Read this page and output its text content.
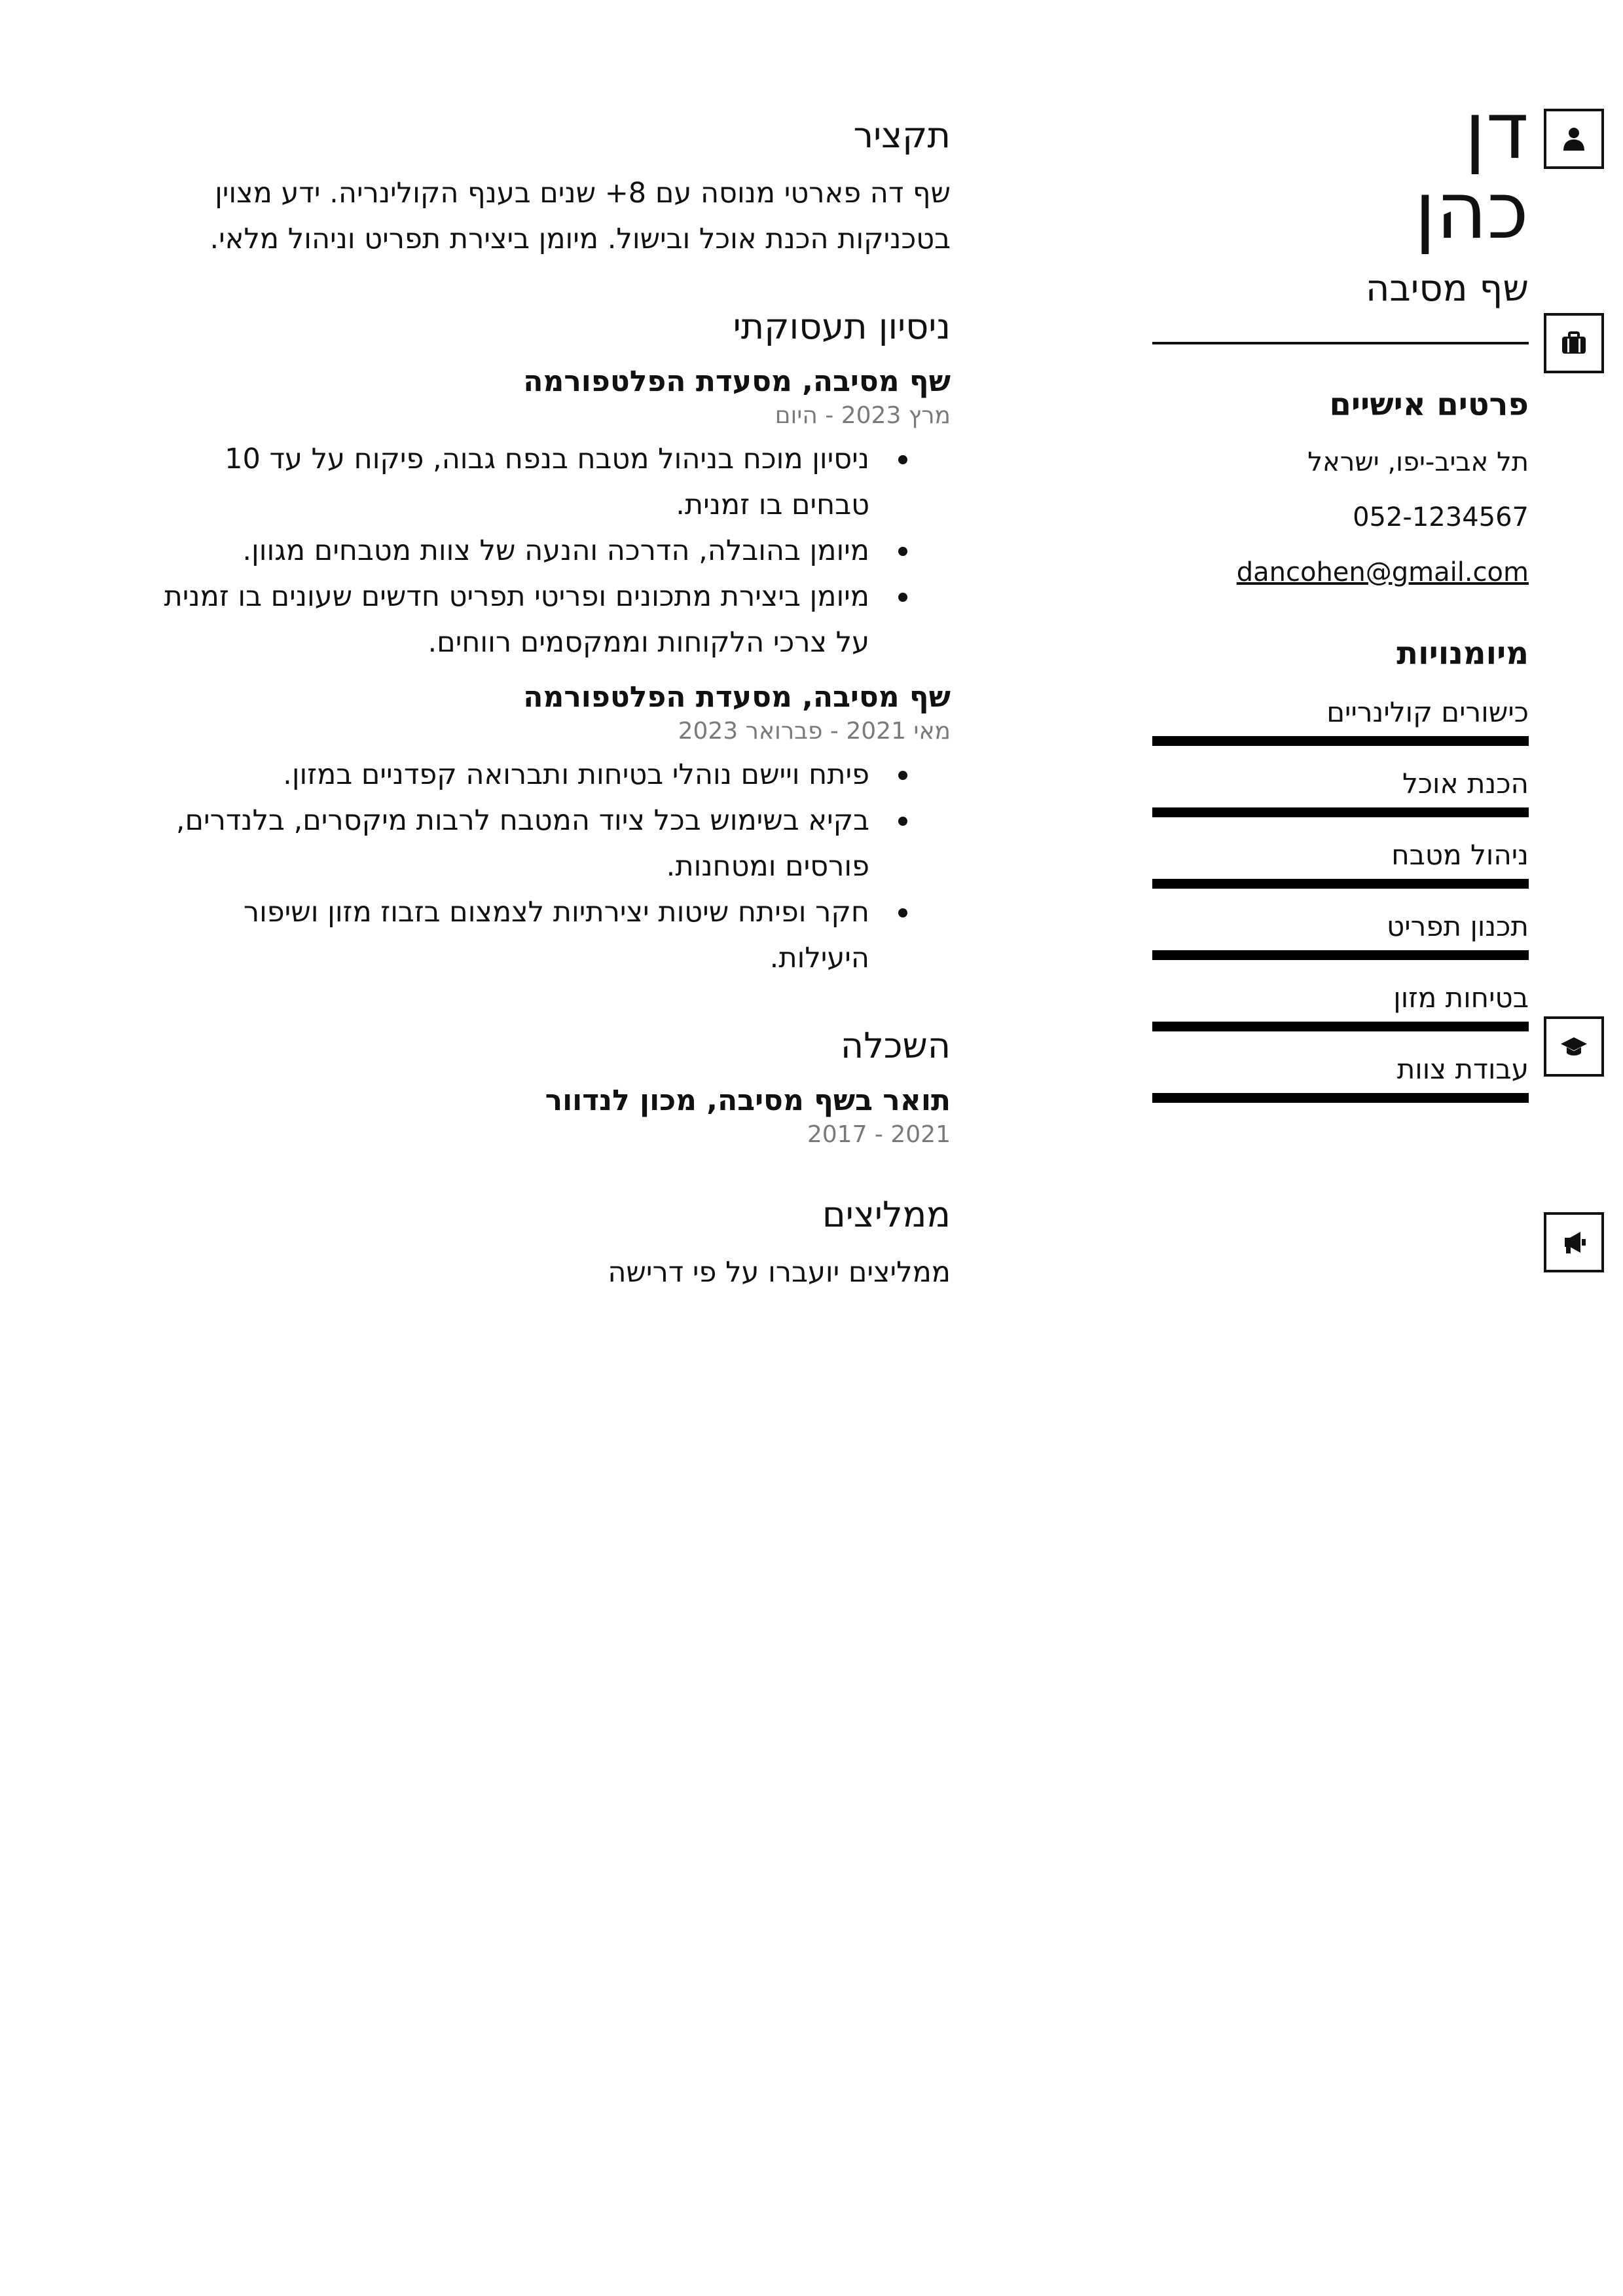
דן
כהן
שף מסיבה
פרטים אישיים
תל אביב-יפו, ישראל
052-1234567
dancohen@gmail.com
מיומנויות
כישורים קולינריים
הכנת אוכל
ניהול מטבח
תכנון תפריט
בטיחות מזון
עבודת צוות
תקציר
שף דה פארטי מנוסה עם 8+ שנים בענף הקולינריה. ידע מצוין בטכניקות הכנת אוכל ובישול. מיומן ביצירת תפריט וניהול מלאי.
ניסיון תעסוקתי
שף מסיבה, מסעדת הפלטפורמה
מרץ 2023 - היום
ניסיון מוכח בניהול מטבח בנפח גבוה, פיקוח על עד 10 טבחים בו זמנית.
מיומן בהובלה, הדרכה והנעה של צוות מטבחים מגוון.
מיומן ביצירת מתכונים ופריטי תפריט חדשים שעונים בו זמנית על צרכי הלקוחות וממקסמים רווחים.
שף מסיבה, מסעדת הפלטפורמה
מאי 2021 - פברואר 2023
פיתח ויישם נוהלי בטיחות ותברואה קפדניים במזון.
בקיא בשימוש בכל ציוד המטבח לרבות מיקסרים, בלנדרים, פורסים ומטחנות.
חקר ופיתח שיטות יצירתיות לצמצום בזבוז מזון ושיפור היעילות.
השכלה
תואר בשף מסיבה, מכון לנדוור
2021 - 2017
ממליצים
ממליצים יועברו על פי דרישה
